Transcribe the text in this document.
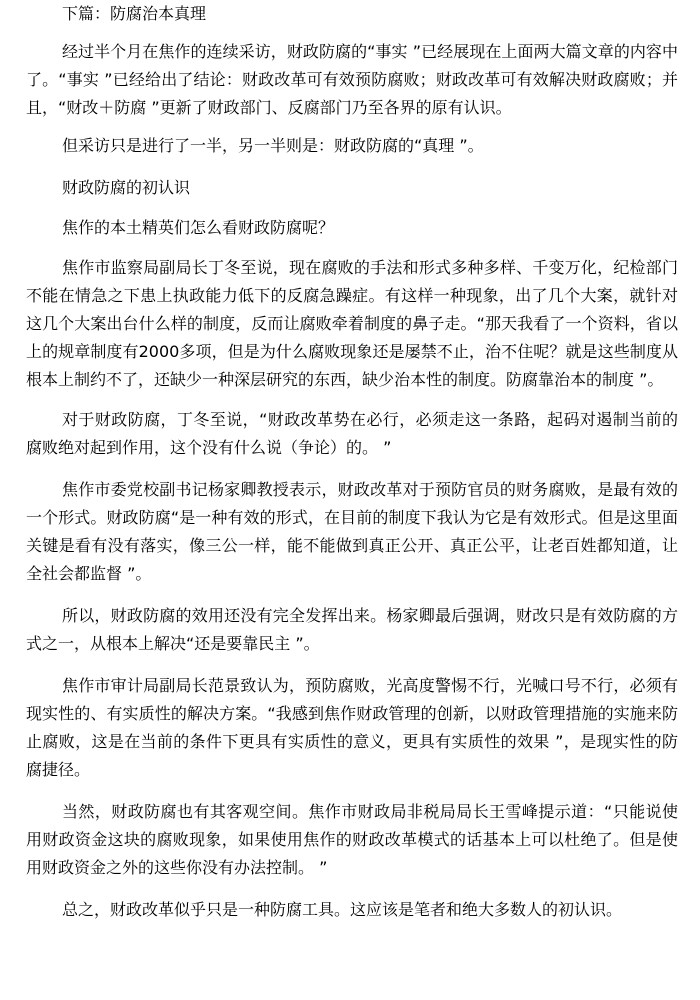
下篇：防腐治本真理

经过半个月在焦作的连续采访，财政防腐的“事实 ”已经展现在上面两大篇文章的内容中了。“事实 ”已经给出了结论：财政改革可有效预防腐败；财政改革可有效解决财政腐败；并且，“财改＋防腐 ”更新了财政部门、反腐部门乃至各界的原有认识。

但采访只是进行了一半，另一半则是：财政防腐的“真理 ”。

财政防腐的初认识

焦作的本土精英们怎么看财政防腐呢？

焦作市监察局副局长丁冬至说，现在腐败的手法和形式多种多样、千变万化，纪检部门不能在情急之下患上执政能力低下的反腐急躁症。有这样一种现象，出了几个大案，就针对这几个大案出台什么样的制度，反而让腐败牵着制度的鼻子走。“那天我看了一个资料，省以上的规章制度有2000多项，但是为什么腐败现象还是屡禁不止，治不住呢？就是这些制度从根本上制约不了，还缺少一种深层研究的东西，缺少治本性的制度。防腐靠治本的制度 ”。

对于财政防腐，丁冬至说，“财政改革势在必行，必须走这一条路，起码对遏制当前的腐败绝对起到作用，这个没有什么说（争论）的。 ”

焦作市委党校副书记杨家卿教授表示，财政改革对于预防官员的财务腐败，是最有效的一个形式。财政防腐“是一种有效的形式，在目前的制度下我认为它是有效形式。但是这里面关键是看有没有落实，像三公一样，能不能做到真正公开、真正公平，让老百姓都知道，让全社会都监督 ”。

所以，财政防腐的效用还没有完全发挥出来。杨家卿最后强调，财改只是有效防腐的方式之一，从根本上解决“还是要靠民主 ”。

焦作市审计局副局长范景致认为，预防腐败，光高度警惕不行，光喊口号不行，必须有现实性的、有实质性的解决方案。“我感到焦作财政管理的创新，以财政管理措施的实施来防止腐败，这是在当前的条件下更具有实质性的意义，更具有实质性的效果 ”，是现实性的防腐捷径。

当然，财政防腐也有其客观空间。焦作市财政局非税局局长王雪峰提示道：“只能说使用财政资金这块的腐败现象，如果使用焦作的财政改革模式的话基本上可以杜绝了。但是使用财政资金之外的这些你没有办法控制。 ”

总之，财政改革似乎只是一种防腐工具。这应该是笔者和绝大多数人的初认识。
